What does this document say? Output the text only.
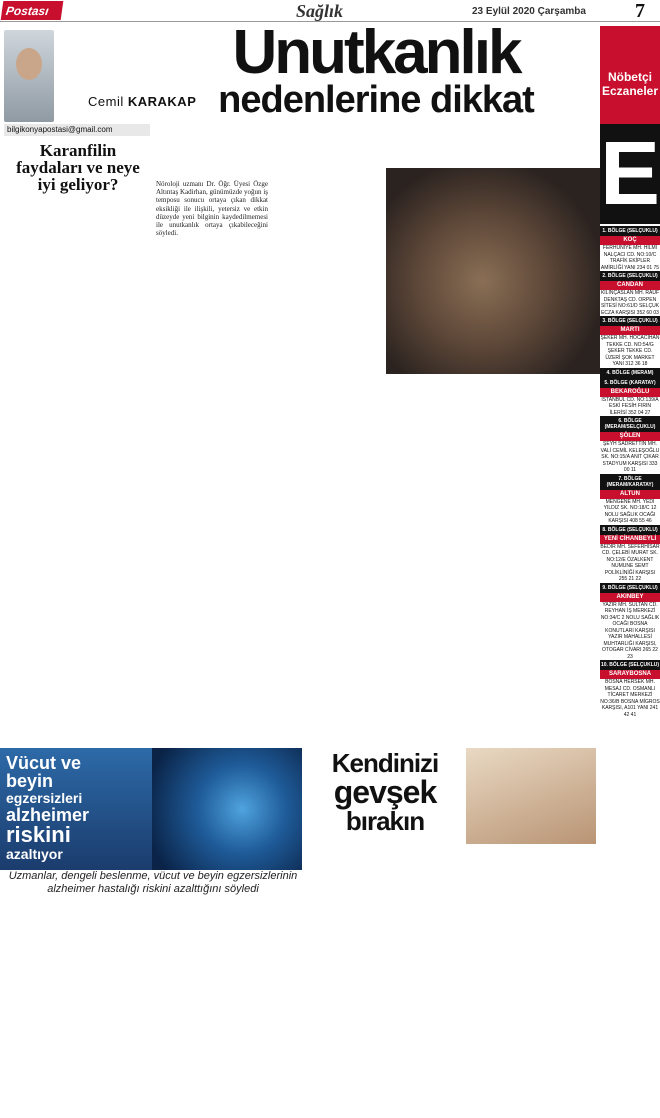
Postası	Sağlık	23 Eylül 2020 Çarşamba 7
Cemil KARAKAP
bilgikonyapostasi@gmail.com
Karanfilin faydaları ve neye iyi geliyor?
Unutkanlık
nedenlerine dikkat
Nöroloji uzmanı Dr. Öğr. Üyesi Özge Altıntaş Kadirhan, günümüzde yoğun iş temposu sonucu ortaya çıkan dikkat eksikliği ile ilişkili, yetersiz ve etkin düzeyde yeni bilginin kaydedilmemesi ile unutkanlık ortaya çıkabileceğini söyledi.
Nöbetçi Eczaneler
E
1. BÖLGE (SELÇUKLU)
KOÇ
FERHUNİYE MH. HİLMİ NALÇACI CD. NO:10/C TRAFİK EKİPLER AMİRLİĞİ YANI 234 01 75
2. BÖLGE (SELÇUKLU)
CANDAN
KILINÇASLAN MH. RAUF DENKTAŞ CD. ORPEN SİTESİ NO:61/D SELÇUK ECZA KARŞISI 352 60 03
3. BÖLGE (SELÇUKLU)
MARTI
ŞEKER MH. HOCACİHAN TEKKE CD. NO:54/G ŞEKER TEKKE CD. ÜZERİ ŞOK MARKET YANI 312 36 18
4. BÖLGE (MERAM)
5. BÖLGE (KARATAY)
BEKAROĞLU
İSTANBUL CD. NO:139/A ESKİ FESİH FIRIN İLERİSİ 352 04 27
6. BÖLGE (MERAM/SELÇUKLU)
ŞÖLEN
ŞEYH SADRETTİN MH. VALİ CEMİL KELEŞOĞLU SK. NO:15/A ANIT ÇIKAR STADYUM KARŞISI 333 00 11
7. BÖLGE (MERAM/KARATAY)
ALTUN
MENGENE MH. YEDİ YILDIZ SK. NO:18/C 12 NOLU SAĞLIK OCAĞI KARŞISI 408 55 46
8. BÖLGE (SELÇUKLU)
YENİ CİHANBEYLİ
BEDİR MH. SEFERHİSAR CD. ÇELEBİ MURAT SK. NO:12/E ÖZALKENT NUMUNE SEMT POLİKLİNİĞİ KARŞISI 255 21 22
9. BÖLGE (SELÇUKLU)
AKINBEY
YAZIR MH. SULTAN CD. REYHAN İŞ MERKEZİ NO:34/C 2 NOLU SAĞLIK OCAĞI BOSNA KONUTLARI KARŞISI YAZIR MAHALLESİ MUHTARLIĞI KARŞISI, OTOGAR CİVARI 265 22 23
10. BÖLGE (SELÇUKLU)
SARAYBOSNA
BOSNA HERSEK MH. MESAJ CD. OSMANLI TİCARET MERKEZİ NO:36/B BOSNA MİGROS KARŞISI, A101 YANI 241 42 41
Vücut ve
beyin
egzersizleri
alzheimer
riskini
azaltıyor
Uzmanlar, dengeli beslenme, vücut ve beyin egzersizlerinin alzheimer hastalığı riskini azalttığını söyledi
Kendinizi
gevşek
bırakın
